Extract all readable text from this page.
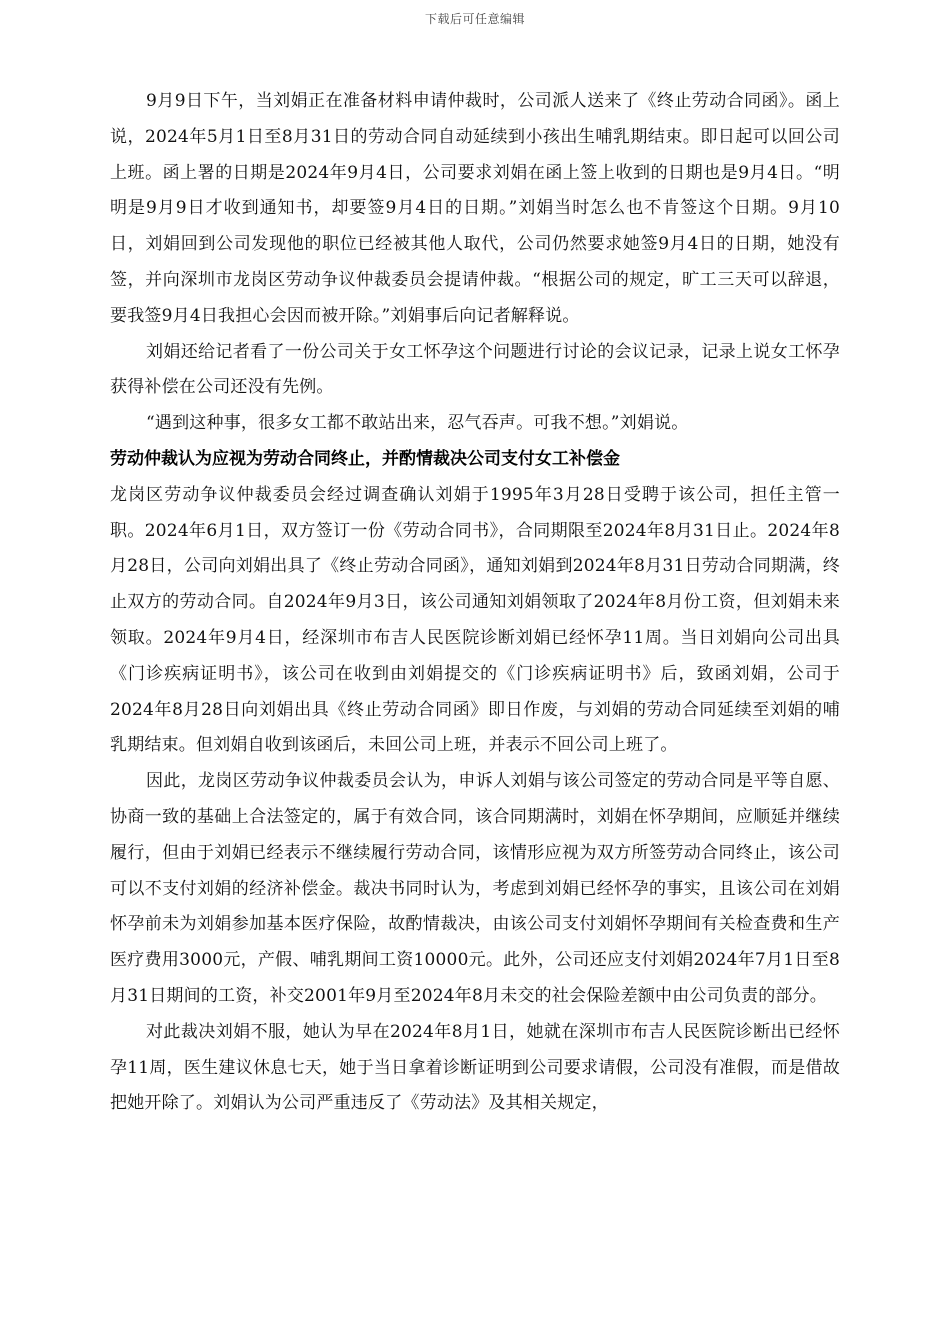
下载后可任意编辑

9月9日下午，当刘娟正在准备材料申请仲裁时，公司派人送来了《终止劳动合同函》。函上说，2024年5月1日至8月31日的劳动合同自动延续到小孩出生哺乳期结束。即日起可以回公司上班。函上署的日期是2024年9月4日，公司要求刘娟在函上签上收到的日期也是9月4日。“明明是9月9日才收到通知书，却要签9月4日的日期。”刘娟当时怎么也不肯签这个日期。9月10日，刘娟回到公司发现他的职位已经被其他人取代，公司仍然要求她签9月4日的日期，她没有签，并向深圳市龙岗区劳动争议仲裁委员会提请仲裁。“根据公司的规定，旷工三天可以辞退，要我签9月4日我担心会因而被开除。”刘娟事后向记者解释说。

刘娟还给记者看了一份公司关于女工怀孕这个问题进行讨论的会议记录，记录上说女工怀孕获得补偿在公司还没有先例。

“遇到这种事，很多女工都不敢站出来，忍气吞声。可我不想。”刘娟说。

劳动仲裁认为应视为劳动合同终止，并酌情裁决公司支付女工补偿金

龙岗区劳动争议仲裁委员会经过调查确认刘娟于1995年3月28日受聘于该公司，担任主管一职。2024年6月1日，双方签订一份《劳动合同书》，合同期限至2024年8月31日止。2024年8月28日，公司向刘娟出具了《终止劳动合同函》，通知刘娟到2024年8月31日劳动合同期满，终止双方的劳动合同。自2024年9月3日，该公司通知刘娟领取了2024年8月份工资，但刘娟未来领取。2024年9月4日，经深圳市布吉人民医院诊断刘娟已经怀孕11周。当日刘娟向公司出具《门诊疾病证明书》，该公司在收到由刘娟提交的《门诊疾病证明书》后，致函刘娟，公司于2024年8月28日向刘娟出具《终止劳动合同函》即日作废，与刘娟的劳动合同延续至刘娟的哺乳期结束。但刘娟自收到该函后，未回公司上班，并表示不回公司上班了。

因此，龙岗区劳动争议仲裁委员会认为，申诉人刘娟与该公司签定的劳动合同是平等自愿、协商一致的基础上合法签定的，属于有效合同，该合同期满时，刘娟在怀孕期间，应顺延并继续履行，但由于刘娟已经表示不继续履行劳动合同，该情形应视为双方所签劳动合同终止，该公司可以不支付刘娟的经济补偿金。裁决书同时认为，考虑到刘娟已经怀孕的事实，且该公司在刘娟怀孕前未为刘娟参加基本医疗保险，故酌情裁决，由该公司支付刘娟怀孕期间有关检查费和生产医疗费用3000元，产假、哺乳期间工资10000元。此外，公司还应支付刘娟2024年7月1日至8月31日期间的工资，补交2001年9月至2024年8月未交的社会保险差额中由公司负责的部分。

对此裁决刘娟不服，她认为早在2024年8月1日，她就在深圳市布吉人民医院诊断出已经怀孕11周，医生建议休息七天，她于当日拿着诊断证明到公司要求请假，公司没有准假，而是借故把她开除了。刘娟认为公司严重违反了《劳动法》及其相关规定，
